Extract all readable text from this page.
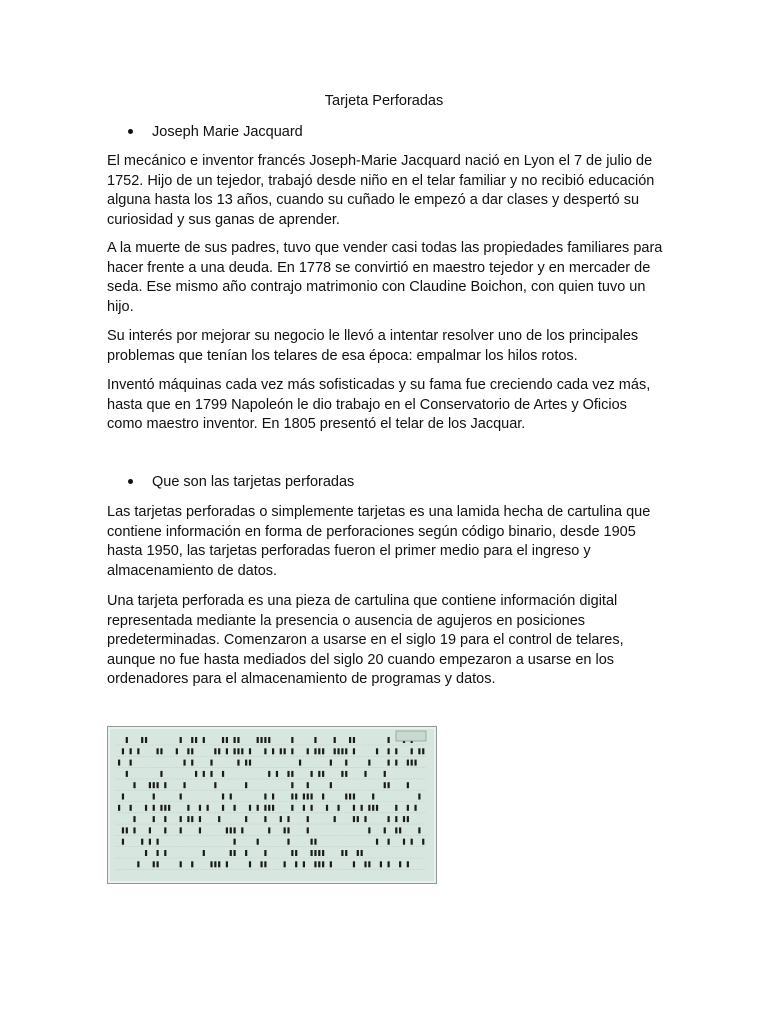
Tarjeta Perforadas
Joseph Marie Jacquard

El mecánico e inventor francés Joseph-Marie Jacquard nació en Lyon el 7 de julio de 1752. Hijo de un tejedor, trabajó desde niño en el telar familiar y no recibió educación alguna hasta los 13 años, cuando su cuñado le empezó a dar clases y despertó su curiosidad y sus ganas de aprender.

A la muerte de sus padres, tuvo que vender casi todas las propiedades familiares para hacer frente a una deuda. En 1778 se convirtió en maestro tejedor y en mercader de seda. Ese mismo año contrajo matrimonio con Claudine Boichon, con quien tuvo un hijo.

Su interés por mejorar su negocio le llevó a intentar resolver uno de los principales problemas que tenían los telares de esa época: empalmar los hilos rotos.

Inventó máquinas cada vez más sofisticadas y su fama fue creciendo cada vez más, hasta que en 1799 Napoleón le dio trabajo en el Conservatorio de Artes y Oficios como maestro inventor. En 1805 presentó el telar de los Jacquar.

Que son las tarjetas perforadas

Las tarjetas perforadas o simplemente tarjetas es una lamida hecha de cartulina que contiene información en forma de perforaciones según código binario, desde 1905 hasta 1950, las tarjetas perforadas fueron el primer medio para el ingreso y almacenamiento de datos.

Una tarjeta perforada es una pieza de cartulina que contiene información digital representada mediante la presencia o ausencia de agujeros en posiciones predeterminadas. Comenzaron a usarse en el siglo 19 para el control de telares, aunque no fue hasta mediados del siglo 20 cuando empezaron a usarse en los ordenadores para el almacenamiento de programas y datos.
